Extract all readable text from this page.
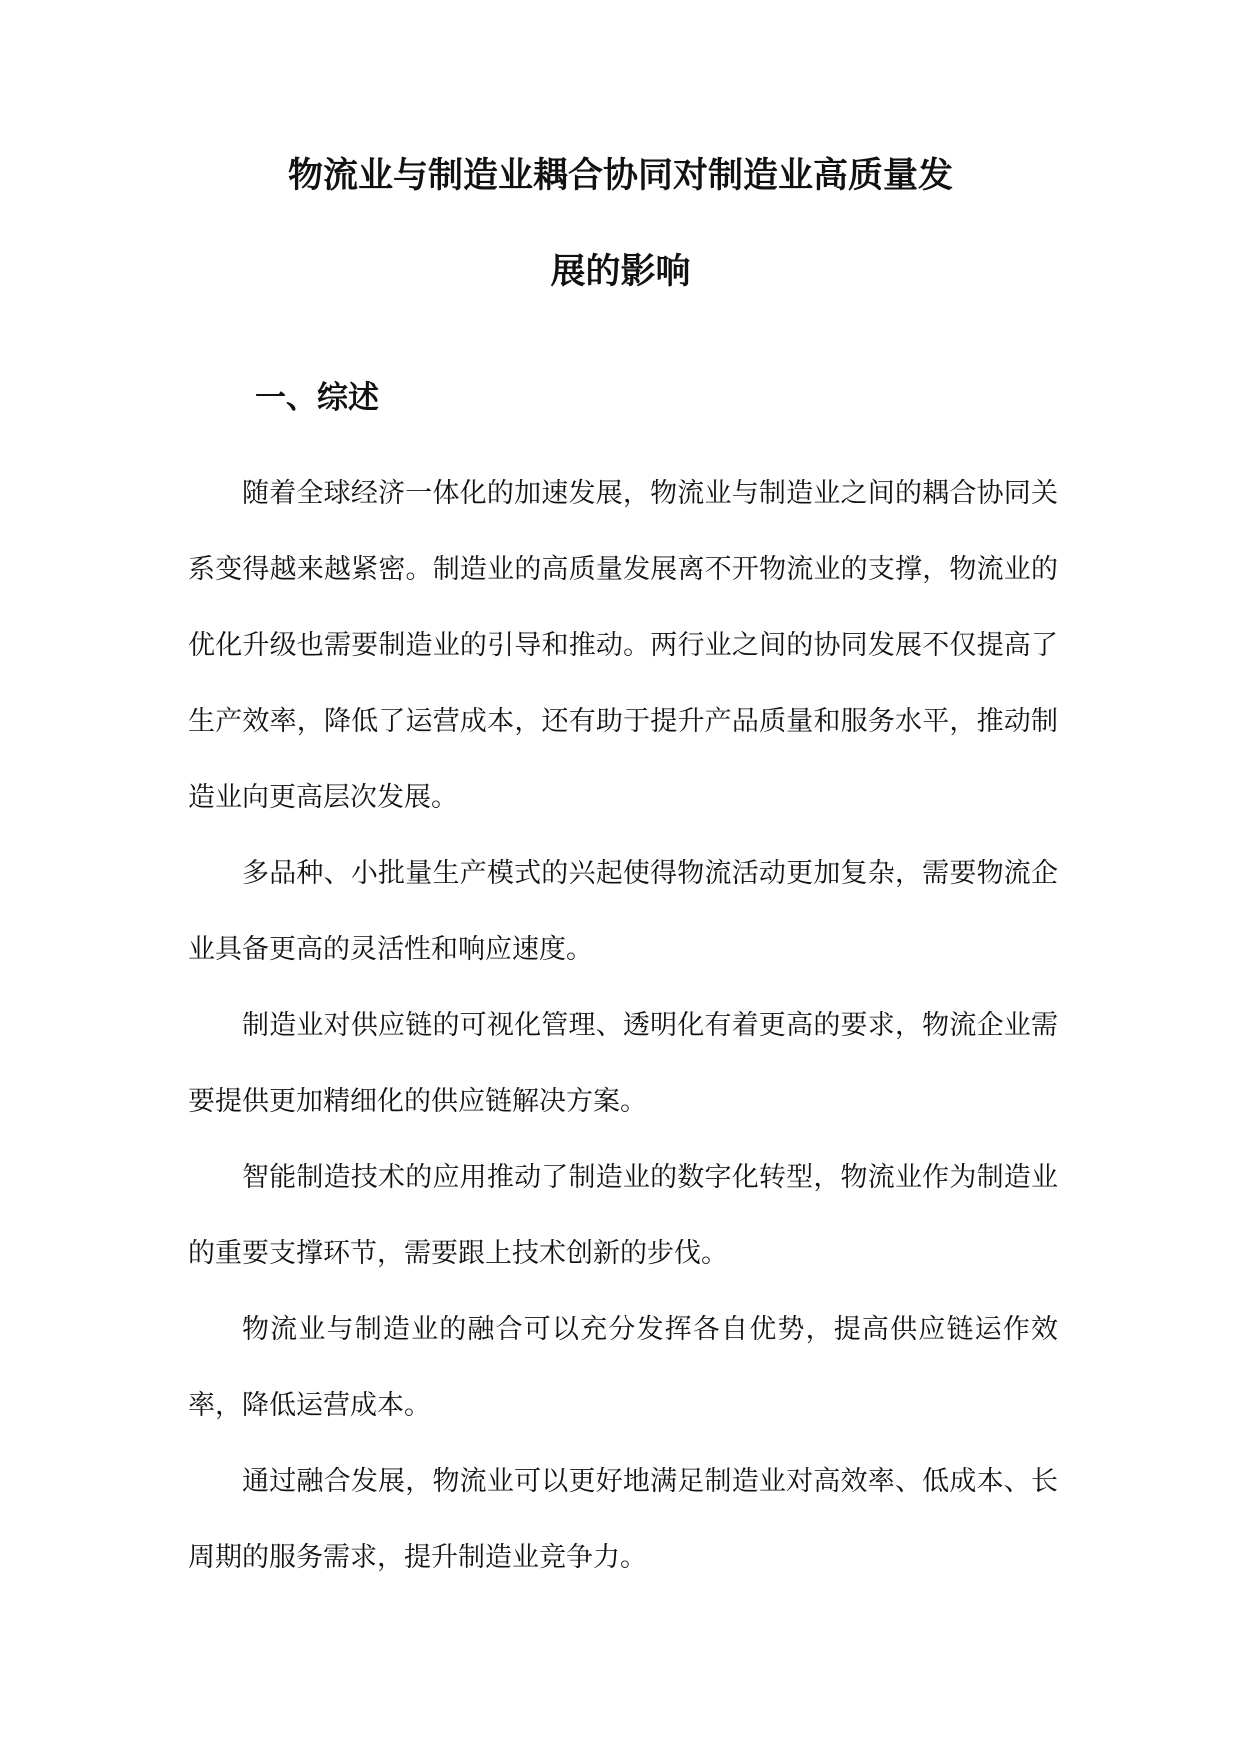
物流业与制造业耦合协同对制造业高质量发
展的影响
一、综述

随着全球经济一体化的加速发展，物流业与制造业之间的耦合协同关系变得越来越紧密。制造业的高质量发展离不开物流业的支撑，物流业的优化升级也需要制造业的引导和推动。两行业之间的协同发展不仅提高了生产效率，降低了运营成本，还有助于提升产品质量和服务水平，推动制造业向更高层次发展。

多品种、小批量生产模式的兴起使得物流活动更加复杂，需要物流企业具备更高的灵活性和响应速度。

制造业对供应链的可视化管理、透明化有着更高的要求，物流企业需要提供更加精细化的供应链解决方案。

智能制造技术的应用推动了制造业的数字化转型，物流业作为制造业的重要支撑环节，需要跟上技术创新的步伐。

物流业与制造业的融合可以充分发挥各自优势，提高供应链运作效率，降低运营成本。

通过融合发展，物流业可以更好地满足制造业对高效率、低成本、长周期的服务需求，提升制造业竞争力。
